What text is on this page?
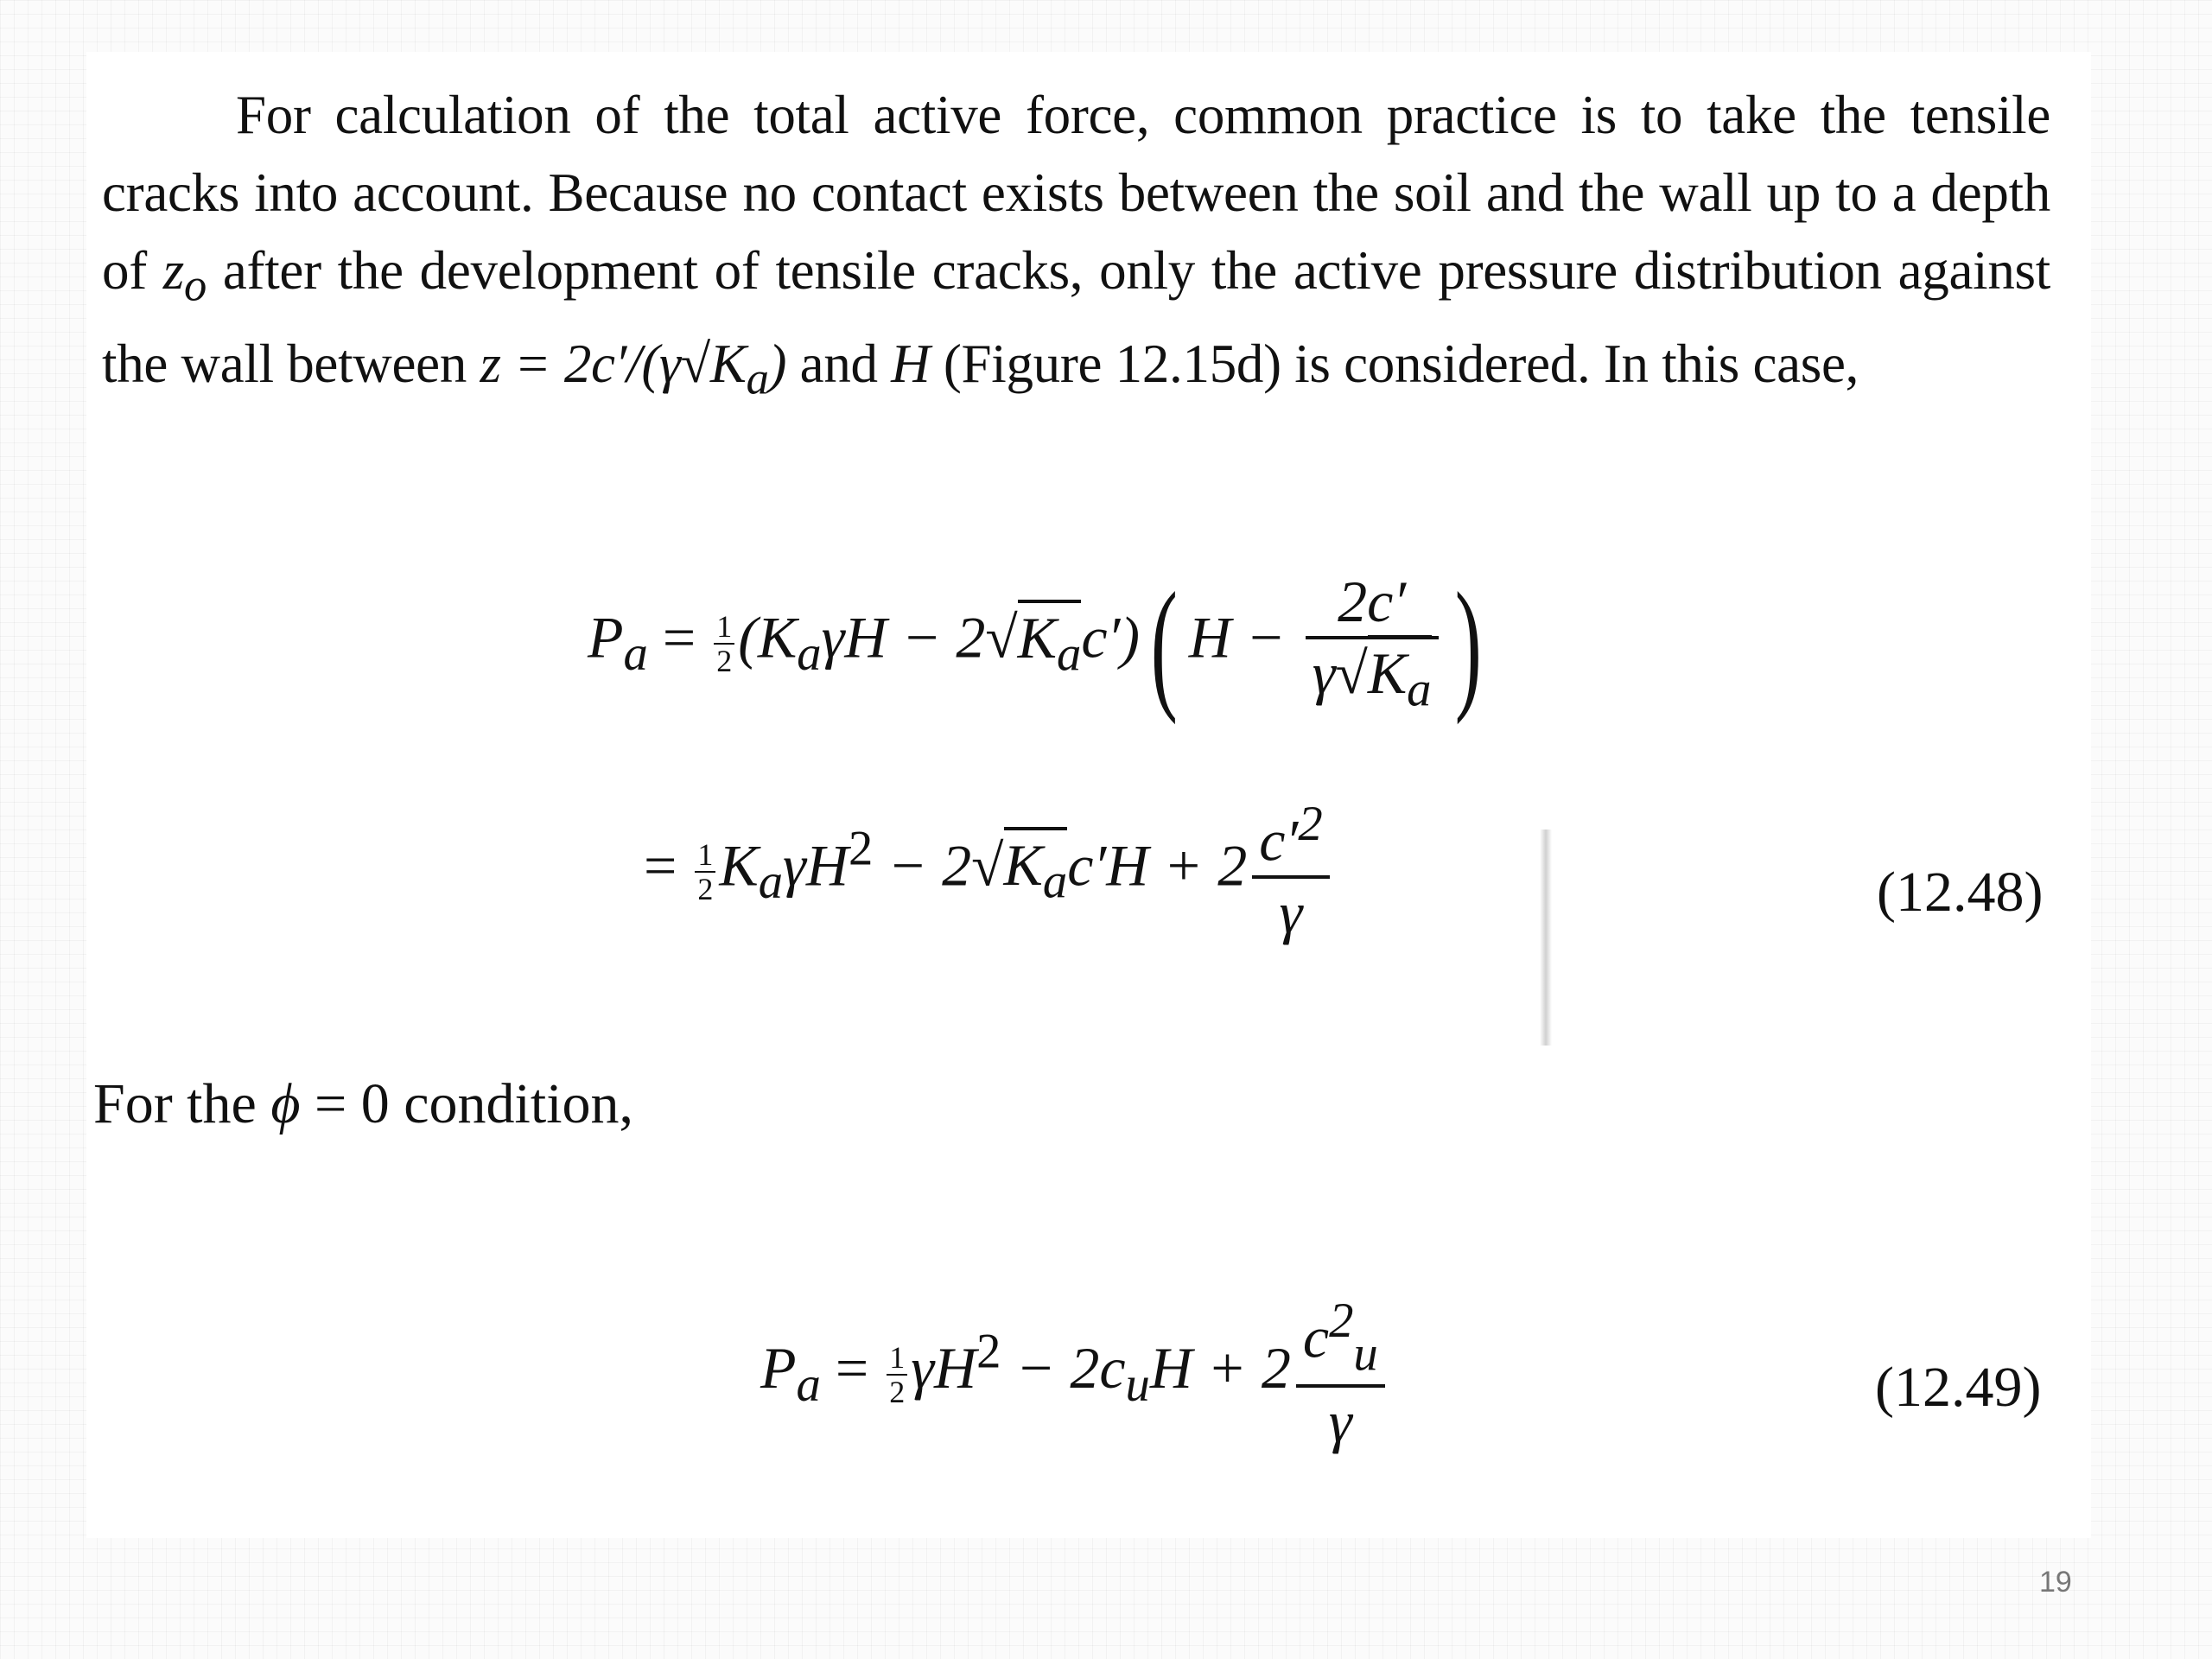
For calculation of the total active force, common practice is to take the tensile cracks into account. Because no contact exists between the soil and the wall up to a depth of $z_o$ after the development of tensile cracks, only the active pressure distribution against the wall between $z = 2c'/(\gamma√K_a)$ and H (Figure 12.15d) is considered. In this case,
$P_a = \frac{1}{2} (K_a\gamma H - 2√K_ac')$( $H - \frac{2c'}{\gamma√K_a}$ )
= $\frac{1}{2} K_a\gamma H^2 - 2√K_ac'H + 2 \frac{c'^2}{\gamma}$	(12.48)
For the ϕ = 0 condition,
$P_a = \frac{1}{2} \gamma H^2 - 2c_uH + 2 \frac{c^2_u}{\gamma}$	(12.49)
19
